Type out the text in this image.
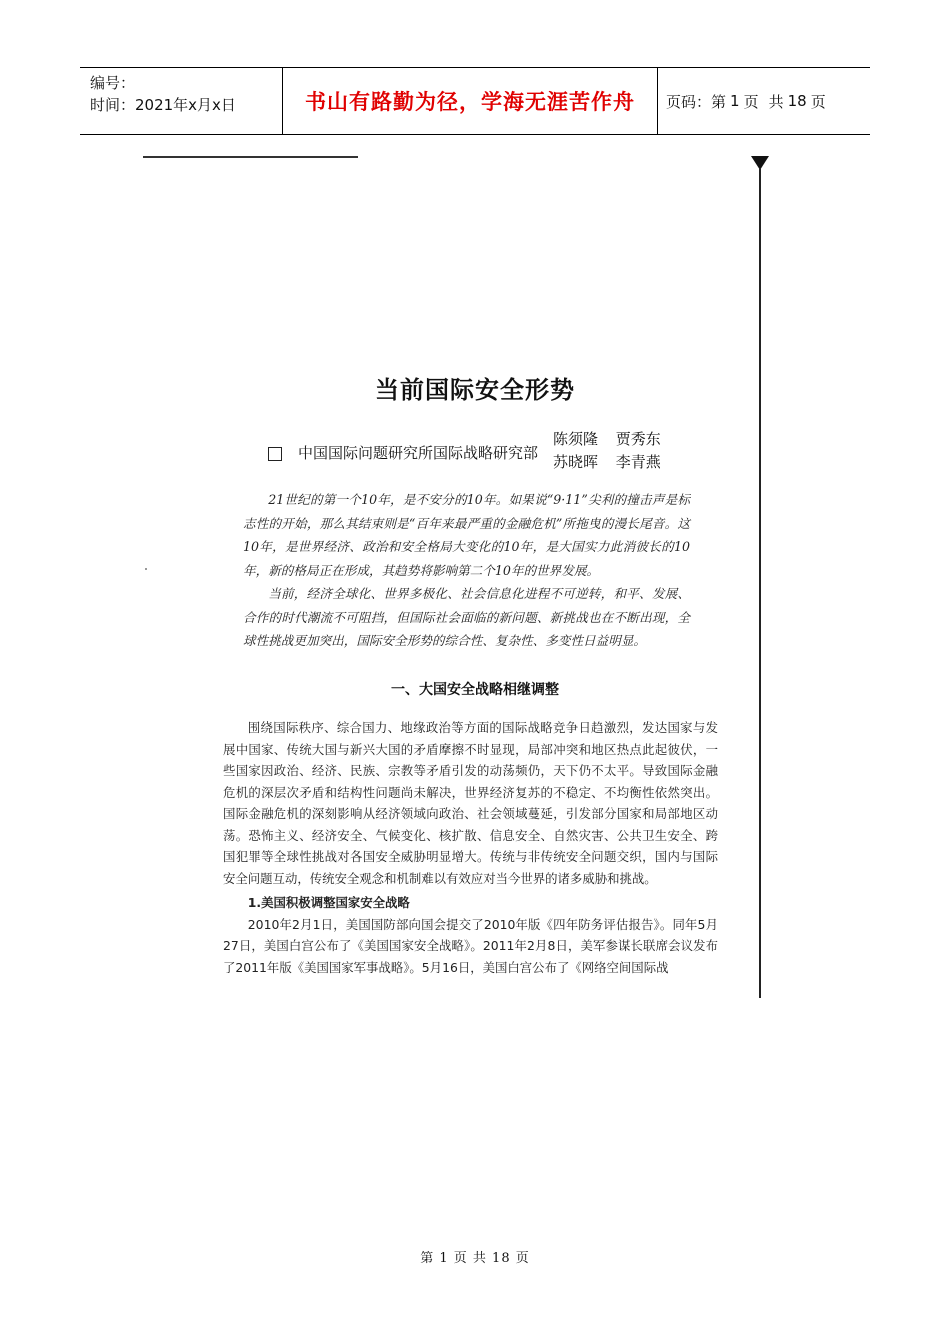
编号：
时间：2021年x月x日	书山有路勤为径，学海无涯苦作舟	页码：第 1 页 共 18 页
当前国际安全形势
中国国际问题研究所国际战略研究部
陈须隆 贾秀东
苏晓晖 李青燕

21世纪的第一个10年，是不安分的10年。如果说“9·11”尖利的撞击声是标志性的开始，那么其结束则是“百年来最严重的金融危机”所拖曳的漫长尾音。这10年，是世界经济、政治和安全格局大变化的10年，是大国实力此消彼长的10年，新的格局正在形成，其趋势将影响第二个10年的世界发展。

当前，经济全球化、世界多极化、社会信息化进程不可逆转，和平、发展、合作的时代潮流不可阻挡，但国际社会面临的新问题、新挑战也在不断出现，全球性挑战更加突出，国际安全形势的综合性、复杂性、多变性日益明显。

一、大国安全战略相继调整

围绕国际秩序、综合国力、地缘政治等方面的国际战略竞争日趋激烈，发达国家与发展中国家、传统大国与新兴大国的矛盾摩擦不时显现，局部冲突和地区热点此起彼伏，一些国家因政治、经济、民族、宗教等矛盾引发的动荡频仍，天下仍不太平。导致国际金融危机的深层次矛盾和结构性问题尚未解决，世界经济复苏的不稳定、不均衡性依然突出。国际金融危机的深刻影响从经济领域向政治、社会领域蔓延，引发部分国家和局部地区动荡。恐怖主义、经济安全、气候变化、核扩散、信息安全、自然灾害、公共卫生安全、跨国犯罪等全球性挑战对各国安全威胁明显增大。传统与非传统安全问题交织，国内与国际安全问题互动，传统安全观念和机制难以有效应对当今世界的诸多威胁和挑战。

1.美国积极调整国家安全战略

2010年2月1日，美国国防部向国会提交了2010年版《四年防务评估报告》。同年5月27日，美国白宫公布了《美国国家安全战略》。2011年2月8日，美军参谋长联席会议发布了2011年版《美国国家军事战略》。5月16日，美国白宫公布了《网络空间国际战

第 1 页 共 18 页
